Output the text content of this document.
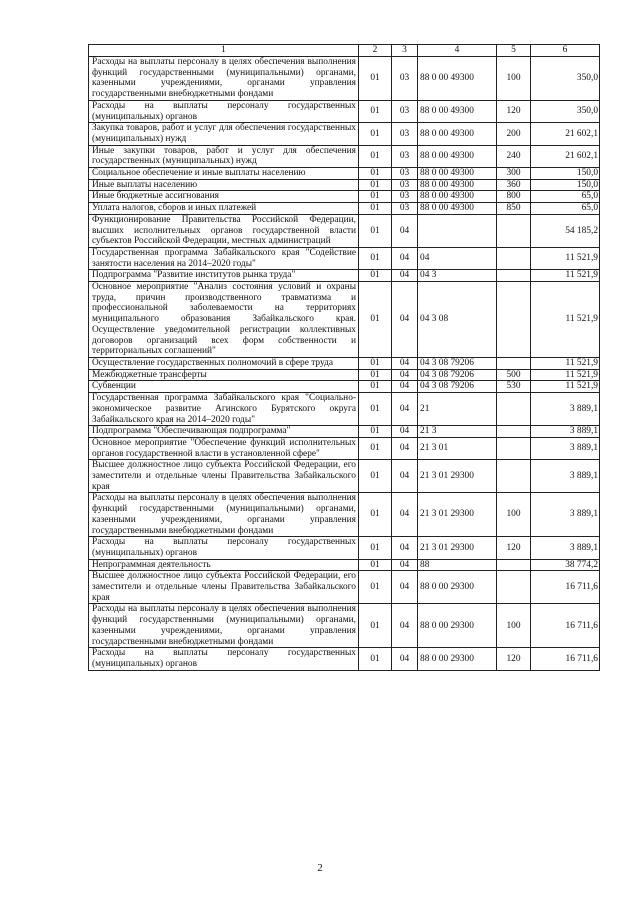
1	2	3	4	5	6
Расходы на выплаты персоналу в целях обеспечения выполнения функций государственными (муниципальными) органами, казенными учреждениями, органами управления государственными внебюджетными фондами	01	03	88 0 00 49300	100	350,0
Расходы на выплаты персоналу государственных (муниципальных) органов	01	03	88 0 00 49300	120	350,0
Закупка товаров, работ и услуг для обеспечения государственных (муниципальных) нужд	01	03	88 0 00 49300	200	21 602,1
Иные закупки товаров, работ и услуг для обеспечения государственных (муниципальных) нужд	01	03	88 0 00 49300	240	21 602,1
Социальное обеспечение и иные выплаты населению	01	03	88 0 00 49300	300	150,0
Иные выплаты населению	01	03	88 0 00 49300	360	150,0
Иные бюджетные ассигнования	01	03	88 0 00 49300	800	65,0
Уплата налогов, сборов и иных платежей	01	03	88 0 00 49300	850	65,0
Функционирование Правительства Российской Федерации, высших исполнительных органов государственной власти субъектов Российской Федерации, местных администраций	01	04			54 185,2
Государственная программа Забайкальского края "Содействие занятости населения на 2014–2020 годы"	01	04	04		11 521,9
Подпрограмма "Развитие институтов рынка труда"	01	04	04 3		11 521,9
Основное мероприятие "Анализ состояния условий и охраны труда, причин производственного травматизма и профессиональной заболеваемости на территориях муниципального образования Забайкальского края. Осуществление уведомительной регистрации коллективных договоров организаций всех форм собственности и территориальных соглашений"	01	04	04 3 08		11 521,9
Осуществление государственных полномочий в сфере труда	01	04	04 3 08 79206		11 521,9
Межбюджетные трансферты	01	04	04 3 08 79206	500	11 521,9
Субвенции	01	04	04 3 08 79206	530	11 521,9
Государственная программа Забайкальского края "Социально-экономическое развитие Агинского Бурятского округа Забайкальского края на 2014–2020 годы"	01	04	21		3 889,1
Подпрограмма "Обеспечивающая подпрограмма"	01	04	21 3		3 889,1
Основное мероприятие "Обеспечение функций исполнительных органов государственной власти в установленной сфере"	01	04	21 3 01		3 889,1
Высшее должностное лицо субъекта Российской Федерации, его заместители и отдельные члены Правительства Забайкальского края	01	04	21 3 01 29300		3 889,1
Расходы на выплаты персоналу в целях обеспечения выполнения функций государственными (муниципальными) органами, казенными учреждениями, органами управления государственными внебюджетными фондами	01	04	21 3 01 29300	100	3 889,1
Расходы на выплаты персоналу государственных (муниципальных) органов	01	04	21 3 01 29300	120	3 889,1
Непрограммная деятельность	01	04	88		38 774,2
Высшее должностное лицо субъекта Российской Федерации, его заместители и отдельные члены Правительства Забайкальского края	01	04	88 0 00 29300		16 711,6
Расходы на выплаты персоналу в целях обеспечения выполнения функций государственными (муниципальными) органами, казенными учреждениями, органами управления государственными внебюджетными фондами	01	04	88 0 00 29300	100	16 711,6
Расходы на выплаты персоналу государственных (муниципальных) органов	01	04	88 0 00 29300	120	16 711,6
2
